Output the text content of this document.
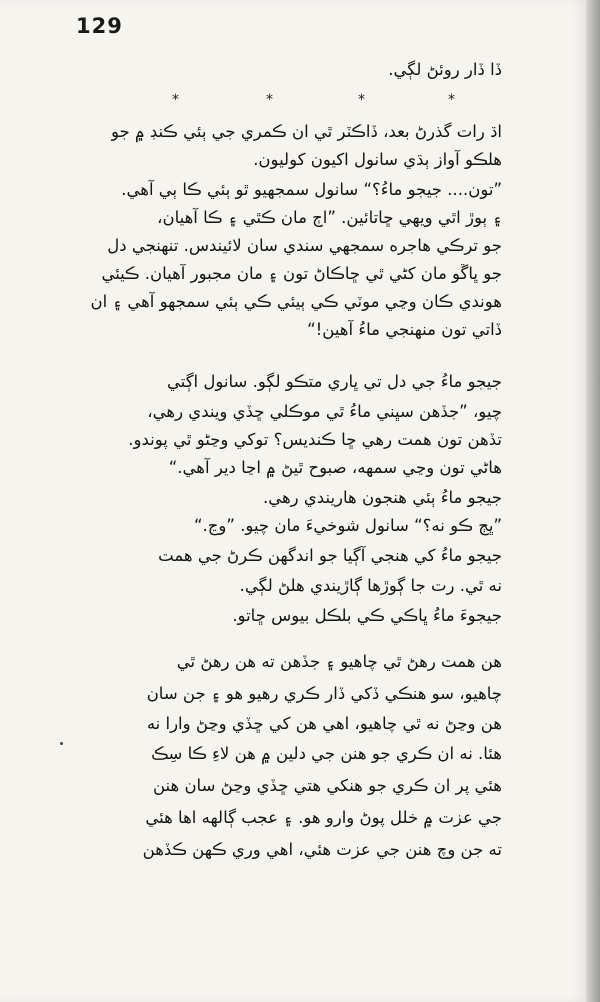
129
ڏا ڏار روئڻ لڳي.
*	*	*	*
اڌ رات گذرڻ بعد، ڏاڪٽر ٿي ان ڪمري جي ٻئي ڪنڊ ۾ جو
هلڪو آواز ٻڌي سانول اکيون کوليون.
”تون.... جيجو ماءُ؟“ سانول سمجهيو ٿو ٻئي ڪا ٻي آهي.
۽ ٻوڙ اٿي ويهي ڇاتائين. ”اڄ مان ڪٿي ۽ ڪا آهيان،
جو ترڪي هاجره سمجهي سندي سان لائيندس. تنهنجي دل
جو ڀاڱو مان کڻي ٿي ڇاڪاڻ تون ۽ مان مجبور آهيان. ڪيئي
هوندي ڪان وڃي موٽي ڪي ٻيئي ڪي ٻئي سمجهو آهي ۽ ان
ڏاتي تون منهنجي ماءُ آهين!“
جيجو ماءُ جي دل تي ڀاري متڪو لڳو. سانول اڳتي
چيو، ”جڏهن سڀني ماءُ ٿي موڪلي ڇڏي ويندي رهي،
تڏهن تون همت رهي ڇا ڪنديس؟ توکي وڃڻو ٿي پوندو.
هاڻي تون وڃي سمهه، صبوح ٿيڻ ۾ اڃا دير آهي.“
جيجو ماءُ ٻئي هنجون هاريندي رهي.
”ڀڄ ڪو نه؟“ سانول شوخيءَ مان چيو. ”وڃ.“
جيجو ماءُ کي هنجي آڳيا جو اندگهن ڪرڻ جي همت
نه ٿي. رت جا ڳوڙها ڳاڙيندي هلڻ لڳي.
جيجوءَ ماءُ ڀاڪي ڪي بلڪل بيوس ڇاتو.
هن همت رهڻ ٿي چاهيو ۽ جڏهن ته هن رهڻ ٿي
چاهيو، سو هنڪي ڏکي ڏار ڪري رهيو هو ۽ جن سان
هن وڃڻ نه ٿي چاهيو، اهي هن کي ڇڏي وڃڻ وارا نه
هئا. نه ان ڪري جو هنن جي دلين ۾ هن لاءِ ڪا سِڪ
هئي پر ان ڪري جو هنکي هتي ڇڏي وڃڻ سان هنن
جي عزت ۾ خلل پوڻ وارو هو. ۽ عجب ڳالهه اها هئي
ته جن وچ هنن جي عزت هئي، اهي وري ڪهن ڪڏهن
